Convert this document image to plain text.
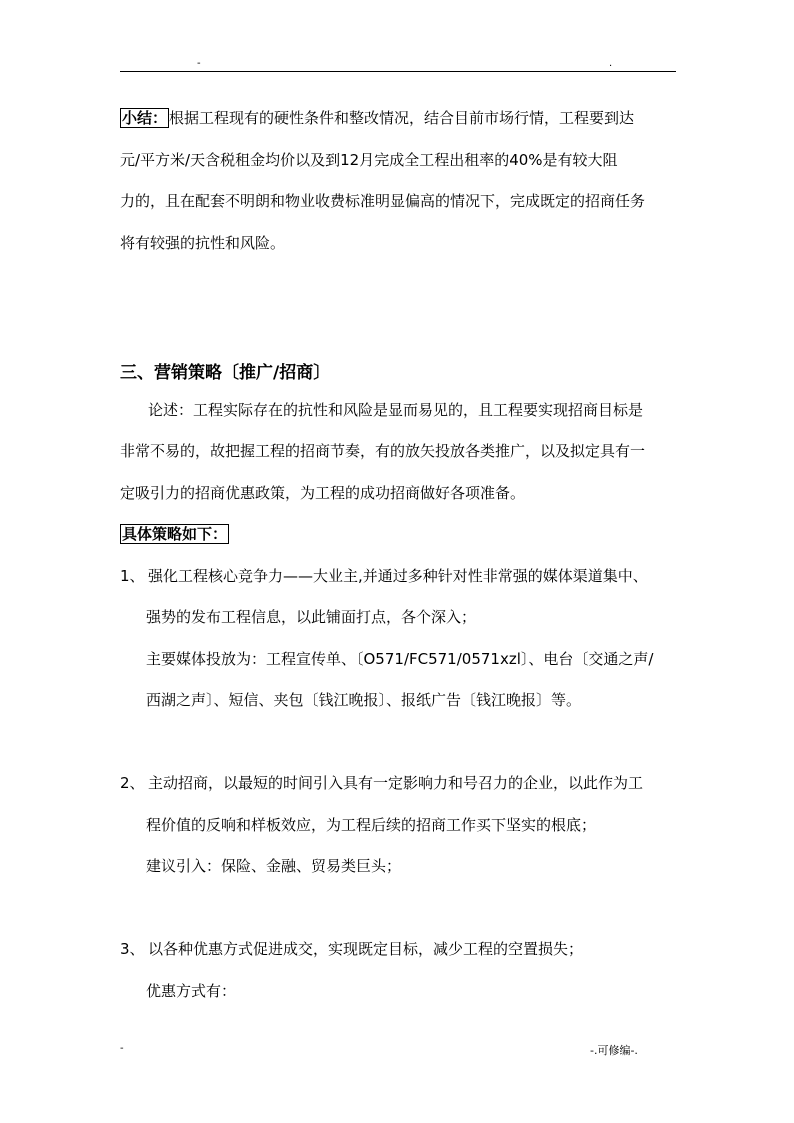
-	.
小结： 根据工程现有的硬性条件和整改情况，结合目前市场行情，工程要到达
元/平方米/天含税租金均价以及到12月完成全工程出租率的40%是有较大阻
力的，且在配套不明朗和物业收费标准明显偏高的情况下，完成既定的招商任务
将有较强的抗性和风险。
三、营销策略〔推广/招商〕
论述：工程实际存在的抗性和风险是显而易见的，且工程要实现招商目标是
非常不易的，故把握工程的招商节奏，有的放矢投放各类推广，以及拟定具有一
定吸引力的招商优惠政策，为工程的成功招商做好各项准备。
具体策略如下：
1、 强化工程核心竞争力——大业主,并通过多种针对性非常强的媒体渠道集中、
强势的发布工程信息，以此铺面打点，各个深入；
主要媒体投放为：工程宣传单、〔O571/FC571/0571xzl〕、电台〔交通之声/
西湖之声〕、短信、夹包〔钱江晚报〕、报纸广告〔钱江晚报〕等。
2、 主动招商，以最短的时间引入具有一定影响力和号召力的企业，以此作为工
程价值的反响和样板效应，为工程后续的招商工作买下坚实的根底；
建议引入：保险、金融、贸易类巨头；
3、 以各种优惠方式促进成交，实现既定目标，减少工程的空置损失；
优惠方式有：
-	-.可修编-.
